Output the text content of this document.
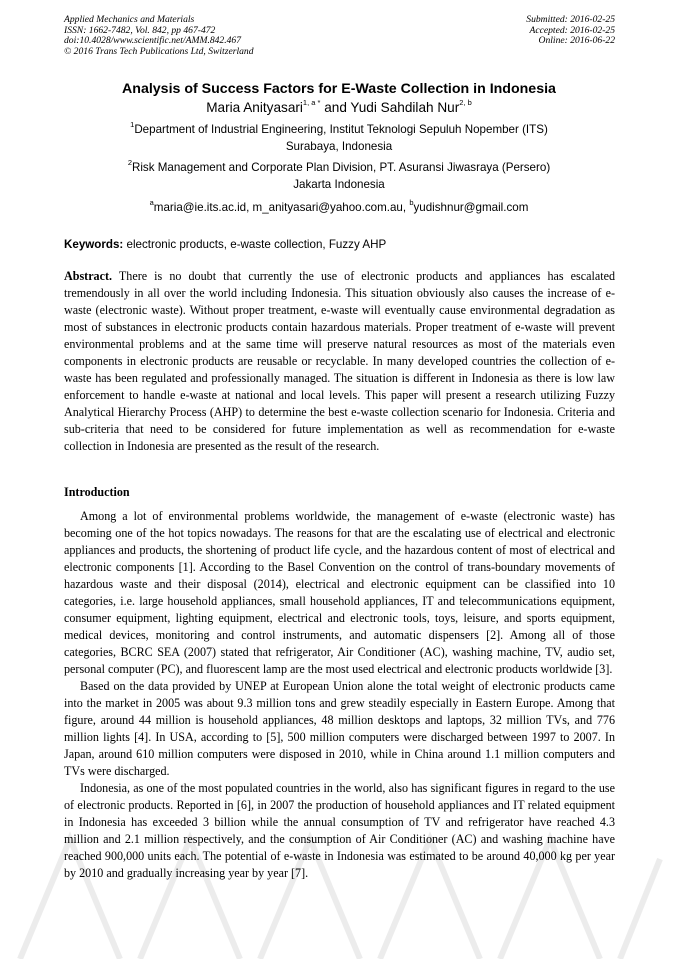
Applied Mechanics and Materials
ISSN: 1662-7482, Vol. 842, pp 467-472
doi:10.4028/www.scientific.net/AMM.842.467
© 2016 Trans Tech Publications Ltd, Switzerland
Submitted: 2016-02-25
Accepted: 2016-02-25
Online: 2016-06-22
Analysis of Success Factors for E-Waste Collection in Indonesia
Maria Anityasari$^{1, a *}$ and Yudi Sahdilah Nur$^{2, b}$
$^1$Department of Industrial Engineering, Institut Teknologi Sepuluh Nopember (ITS)
Surabaya, Indonesia
$^2$Risk Management and Corporate Plan Division, PT. Asuransi Jiwasraya (Persero)
Jakarta Indonesia
$^a$maria@ie.its.ac.id, m_anityasari@yahoo.com.au, $^b$yudishnur@gmail.com
Keywords: electronic products, e-waste collection, Fuzzy AHP
Abstract. There is no doubt that currently the use of electronic products and appliances has escalated tremendously in all over the world including Indonesia. This situation obviously also causes the increase of e-waste (electronic waste). Without proper treatment, e-waste will eventually cause environmental degradation as most of substances in electronic products contain hazardous materials. Proper treatment of e-waste will prevent environmental problems and at the same time will preserve natural resources as most of the materials even components in electronic products are reusable or recyclable. In many developed countries the collection of e-waste has been regulated and professionally managed. The situation is different in Indonesia as there is low law enforcement to handle e-waste at national and local levels. This paper will present a research utilizing Fuzzy Analytical Hierarchy Process (AHP) to determine the best e-waste collection scenario for Indonesia. Criteria and sub-criteria that need to be considered for future implementation as well as recommendation for e-waste collection in Indonesia are presented as the result of the research.
Introduction

Among a lot of environmental problems worldwide, the management of e-waste (electronic waste) has becoming one of the hot topics nowadays. The reasons for that are the escalating use of electrical and electronic appliances and products, the shortening of product life cycle, and the hazardous content of most of electrical and electronic components [1]. According to the Basel Convention on the control of trans-boundary movements of hazardous waste and their disposal (2014), electrical and electronic equipment can be classified into 10 categories, i.e. large household appliances, small household appliances, IT and telecommunications equipment, consumer equipment, lighting equipment, electrical and electronic tools, toys, leisure, and sports equipment, medical devices, monitoring and control instruments, and automatic dispensers [2]. Among all of those categories, BCRC SEA (2007) stated that refrigerator, Air Conditioner (AC), washing machine, TV, audio set, personal computer (PC), and fluorescent lamp are the most used electrical and electronic products worldwide [3].

Based on the data provided by UNEP at European Union alone the total weight of electronic products came into the market in 2005 was about 9.3 million tons and grew steadily especially in Eastern Europe. Among that figure, around 44 million is household appliances, 48 million desktops and laptops, 32 million TVs, and 776 million lights [4]. In USA, according to [5], 500 million computers were discharged between 1997 to 2007. In Japan, around 610 million computers were disposed in 2010, while in China around 1.1 million computers and TVs were discharged.

Indonesia, as one of the most populated countries in the world, also has significant figures in regard to the use of electronic products. Reported in [6], in 2007 the production of household appliances and IT related equipment in Indonesia has exceeded 3 billion while the annual consumption of TV and refrigerator have reached 4.3 million and 2.1 million respectively, and the consumption of Air Conditioner (AC) and washing machine have reached 900,000 units each. The potential of e-waste in Indonesia was estimated to be around 40,000 kg per year by 2010 and gradually increasing year by year [7].
